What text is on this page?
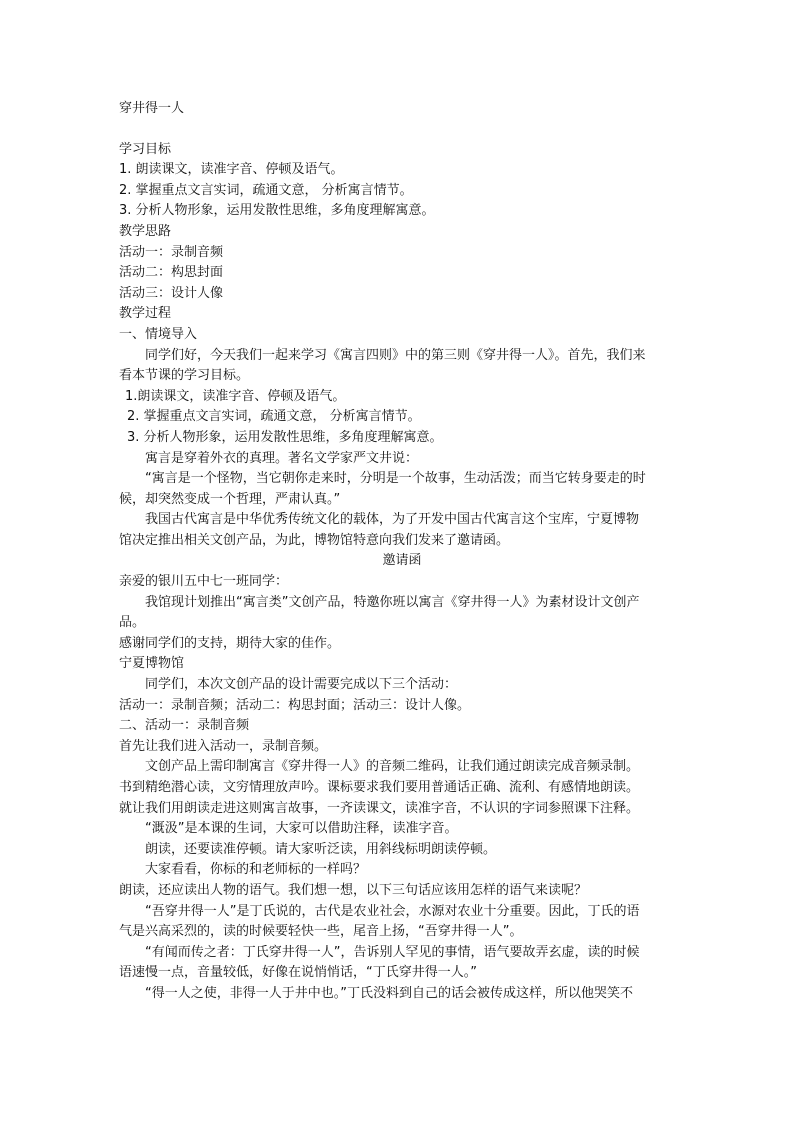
穿井得一人
学习目标
1. 朗读课文，读准字音、停顿及语气。
2. 掌握重点文言实词，疏通文意， 分析寓言情节。
3. 分析人物形象，运用发散性思维，多角度理解寓意。
教学思路
活动一：录制音频
活动二：构思封面
活动三：设计人像
教学过程
一、情境导入
同学们好，今天我们一起来学习《寓言四则》中的第三则《穿井得一人》。首先，我们来
看本节课的学习目标。
1.朗读课文，读准字音、停顿及语气。
2. 掌握重点文言实词，疏通文意， 分析寓言情节。
3. 分析人物形象，运用发散性思维，多角度理解寓意。
寓言是穿着外衣的真理。著名文学家严文井说：
“寓言是一个怪物，当它朝你走来时，分明是一个故事，生动活泼；而当它转身要走的时
候，却突然变成一个哲理，严肃认真。”
我国古代寓言是中华优秀传统文化的载体，为了开发中国古代寓言这个宝库，宁夏博物
馆决定推出相关文创产品，为此，博物馆特意向我们发来了邀请函。
邀请函
亲爱的银川五中七一班同学：
我馆现计划推出“寓言类”文创产品，特邀你班以寓言《穿井得一人》为素材设计文创产
品。
感谢同学们的支持，期待大家的佳作。
宁夏博物馆
同学们，本次文创产品的设计需要完成以下三个活动：
活动一：录制音频；活动二：构思封面；活动三：设计人像。
二、活动一：录制音频
首先让我们进入活动一，录制音频。
文创产品上需印制寓言《穿井得一人》的音频二维码，让我们通过朗读完成音频录制。
书到精绝潜心读，文穷情理放声吟。课标要求我们要用普通话正确、流利、有感情地朗读。
就让我们用朗读走进这则寓言故事，一齐读课文，读准字音，不认识的字词参照课下注释。
“溉汲”是本课的生词，大家可以借助注释，读准字音。
朗读，还要读准停顿。请大家听泛读，用斜线标明朗读停顿。
大家看看，你标的和老师标的一样吗？
朗读，还应读出人物的语气。我们想一想，以下三句话应该用怎样的语气来读呢？
“吾穿井得一人”是丁氏说的，古代是农业社会，水源对农业十分重要。因此，丁氏的语
气是兴高采烈的，读的时候要轻快一些，尾音上扬，“吾穿井得一人”。
“有闻而传之者：丁氏穿井得一人”，告诉别人罕见的事情，语气要故弄玄虚，读的时候
语速慢一点，音量较低，好像在说悄悄话，“丁氏穿井得一人。”
“得一人之使，非得一人于井中也。”丁氏没料到自己的话会被传成这样，所以他哭笑不
